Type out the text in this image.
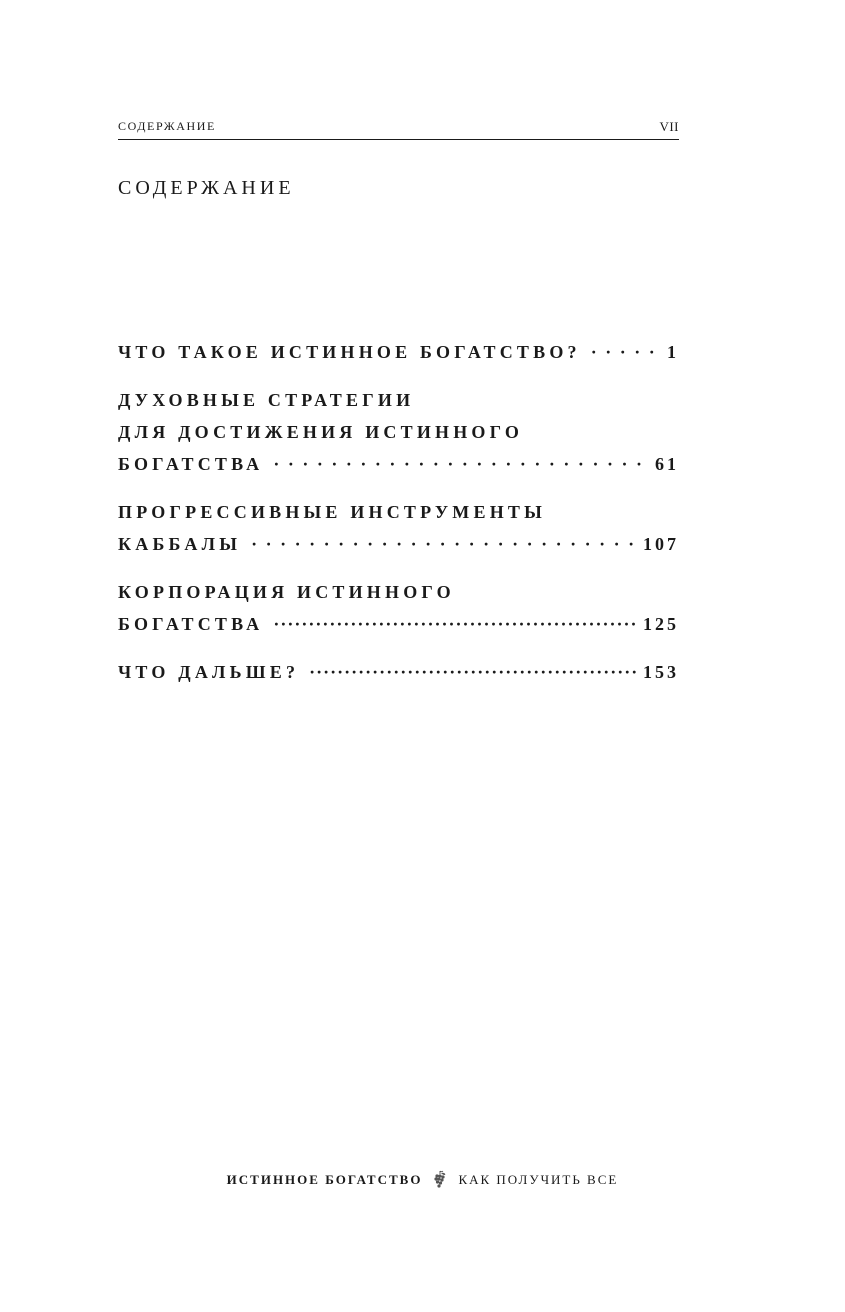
СОДЕРЖАНИЕ	VII
СОДЕРЖАНИЕ
ЧТО ТАКОЕ ИСТИННОЕ БОГАТСТВО? · · ·	1
ДУХОВНЫЕ СТРАТЕГИИ
ДЛЯ ДОСТИЖЕНИЯ ИСТИННОГО
БОГАТСТВА · · ·	61
ПРОГРЕССИВНЫЕ ИНСТРУМЕНТЫ
КАББАЛЫ · · ·	107
КОРПОРАЦИЯ ИСТИННОГО
БОГАТСТВА ·····	125
ЧТО ДАЛЬШЕ? ·····	153
ИСТИННОЕ БОГАТСТВО	КАК ПОЛУЧИТЬ ВСЕ
